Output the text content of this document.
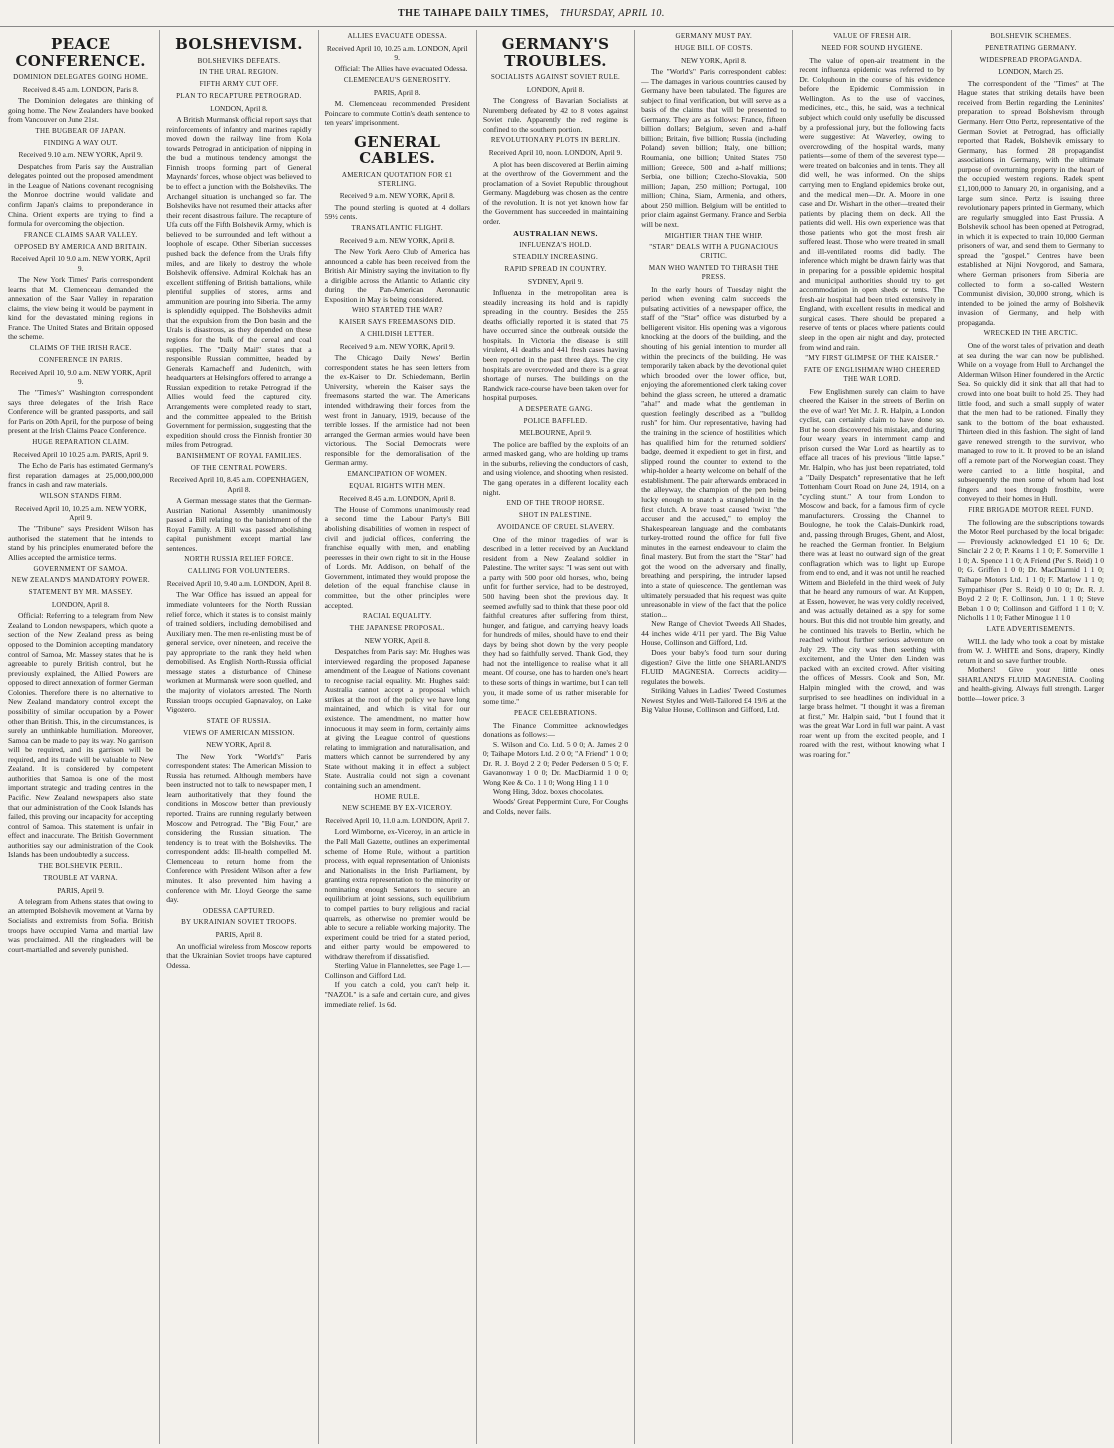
THE TAIHAPE DAILY TIMES, THURSDAY, APRIL 10.
PEACE CONFERENCE.
DOMINION DELEGATES GOING HOME.
Received 8.45 a.m. LONDON, Paris 8.

The Dominion delegates are thinking of going home. The New Zealanders have booked from Vancouver on June 21st.

THE BUGBEAR OF JAPAN.
FINDING A WAY OUT.
Received 9.10 a.m. NEW YORK, April 9.

Despatches from Paris say the Australian delegates pointed out the proposed amendment in the League of Nations covenant recognising the Monroe doctrine would validate and confirm Japan's claims to preponderance in China. Orient experts are trying to find a formula for overcoming the objection.

FRANCE CLAIMS SAAR VALLEY.
OPPOSED BY AMERICA AND BRITAIN.
Received April 10 9.0 a.m. NEW YORK, April 9.

The New York Times' Paris correspondent learns that M. Clemenceau demanded the annexation of the Saar Valley in reparation claims, the view being it would be payment in kind for the devastated mining regions in France. The United States and Britain opposed the scheme.

CLAIMS OF THE IRISH RACE.
CONFERENCE IN PARIS.
Received April 10, 9.0 a.m. NEW YORK, April 9.

The "Times's" Washington correspondent says three delegates of the Irish Race Conference will be granted passports, and sail for Paris on 20th April, for the purpose of being present at the Irish Claims Peace Conference.

HUGE REPARATION CLAIM.
Received April 10 10.25 a.m. PARIS, April 9.

The Echo de Paris has estimated Germany's first reparation damages at 25,000,000,000 francs in cash and raw materials.

WILSON STANDS FIRM.
Received April 10, 10.25 a.m. NEW YORK, April 9.

The "Tribune" says President Wilson has authorised the statement that he intends to stand by his principles enumerated before the Allies accepted the armistice terms.

GOVERNMENT OF SAMOA.
NEW ZEALAND'S MANDATORY POWER.
STATEMENT BY MR. MASSEY.
LONDON, April 8.

Official: Referring to a telegram from New Zealand to London newspapers, which quote a section of the New Zealand press as being opposed to the Dominion accepting mandatory control of Samoa, Mr. Massey states that he is agreeable to purely British control, but he previously explained, the Allied Powers are opposed to direct annexation of former German Colonies. Therefore there is no alternative to New Zealand mandatory control except the possibility of similar occupation by a Power other than British. This, in the circumstances, is surely an unthinkable humiliation. Moreover, Samoa can be made to pay its way. No garrison will be required, and its garrison will be required, and its trade will be valuable to New Zealand. It is considered by competent authorities that Samoa is one of the most important strategic and trading centres in the Pacific. New Zealand newspapers also state that our administration of the Cook Islands has failed, this proving our incapacity for accepting control of Samoa. This statement is unfair in effect and inaccurate. The British Government authorities say our administration of the Cook Islands has been undoubtedly a success.

THE BOLSHEVIK PERIL.
TROUBLE AT VARNA.
PARIS, April 9.

A telegram from Athens states that owing to an attempted Bolshevik movement at Varna by Socialists and extremists from Sofia. British troops have occupied Varna and martial law was proclaimed. All the ringleaders will be court-martialled and severely punished.

BOLSHEVISM.
BOLSHEVIKS DEFEATS.
IN THE URAL REGION.
FIFTH ARMY CUT OFF.
PLAN TO RECAPTURE PETROGRAD.
LONDON, April 8.

A British Murmansk official report says that reinforcements of infantry and marines rapidly moved down the railway line from Kola towards Petrograd in anticipation of nipping in the bud a mutinous tendency amongst the Finnish troops forming part of General Maynards' forces, whose object was believed to be to effect a junction with the Bolsheviks. The Archangel situation is unchanged so far. The Bolsheviks have not resumed their attacks after their recent disastrous failure. The recapture of Ufa cuts off the Fifth Bolshevik Army, which is believed to be surrounded and left without a loophole of escape. Other Siberian successes pushed back the defence from the Urals fifty miles, and are likely to destroy the whole Bolshevik offensive. Admiral Kolchak has an excellent stiffening of British battalions, while plentiful supplies of stores, arms and ammunition are pouring into Siberia. The army is splendidly equipped. The Bolsheviks admit that the expulsion from the Don basin and the Urals is disastrous, as they depended on these regions for the bulk of the cereal and coal supplies. The "Daily Mail" states that a responsible Russian committee, headed by Generals Karnacheff and Judenitch, with headquarters at Helsingfors offered to arrange a Russian expedition to retake Petrograd if the Allies would feed the captured city. Arrangements were completed ready to start, and the committee appealed to the British Government for permission, suggesting that the expedition should cross the Finnish frontier 30 miles from Petrograd.

BANISHMENT OF ROYAL FAMILIES.
OF THE CENTRAL POWERS.
Received April 10, 8.45 a.m. COPENHAGEN, April 8.

A German message states that the German-Austrian National Assembly unanimously passed a Bill relating to the banishment of the Royal Family. A Bill was passed abolishing capital punishment except martial law sentences.

NORTH RUSSIA RELIEF FORCE.
CALLING FOR VOLUNTEERS.
Received April 10, 9.40 a.m. LONDON, April 8.

The War Office has issued an appeal for immediate volunteers for the North Russian relief force, which it states is to consist mainly of trained soldiers, including demobilised and Auxiliary men. The men re-enlisting must be of general service, over nineteen, and receive the pay appropriate to the rank they held when demobilised. As English North-Russia official message states a disturbance of Chinese workmen at Murmansk were soon quelled, and the majority of violators arrested. The North Russian troops occupied Gapnavaloy, on Lake Vigozero.

STATE OF RUSSIA.
VIEWS OF AMERICAN MISSION.
NEW YORK, April 8.

The New York "World's" Paris correspondent states: The American Mission to Russia has returned. Although members have been instructed not to talk to newspaper men, I learn authoritatively that they found the conditions in Moscow better than previously reported. Trains are running regularly between Moscow and Petrograd. The "Big Four," are considering the Russian situation. The tendency is to treat with the Bolsheviks. The correspondent adds: Ill-health compelled M. Clemenceau to return home from the Conference with President Wilson after a few minutes. It also prevented him having a conference with Mr. Lloyd George the same day.

ODESSA CAPTURED.
BY UKRAINIAN SOVIET TROOPS.
PARIS, April 8.

An unofficial wireless from Moscow reports that the Ukrainian Soviet troops have captured Odessa.

ALLIES EVACUATE ODESSA.
Received April 10, 10.25 a.m. LONDON, April 9.

Official: The Allies have evacuated Odessa.

CLEMENCEAU'S GENEROSITY.
PARIS, April 8.

M. Clemenceau recommended President Poincare to commute Cottin's death sentence to ten years' imprisonment.

GENERAL CABLES.
AMERICAN QUOTATION FOR £1 STERLING.
Received 9 a.m. NEW YORK, April 8.

The pound sterling is quoted at 4 dollars 59½ cents.

TRANSATLANTIC FLIGHT.
Received 9 a.m. NEW YORK, April 8.

The New York Aero Club of America has announced a cable has been received from the British Air Ministry saying the invitation to fly a dirigible across the Atlantic to Atlantic city during the Pan-American Aeronautic Exposition in May is being considered.

WHO STARTED THE WAR?
KAISER SAYS FREEMASONS DID.
A CHILDISH LETTER.
Received 9 a.m. NEW YORK, April 9.

The Chicago Daily News' Berlin correspondent states he has seen letters from the ex-Kaiser to Dr. Schiedemann, Berlin University, wherein the Kaiser says the freemasons started the war. The Americans intended withdrawing their forces from the west front in January, 1919, because of the terrible losses. If the armistice had not been arranged the German armies would have been victorious. The Social Democrats were responsible for the demoralisation of the German army.

EMANCIPATION OF WOMEN.
EQUAL RIGHTS WITH MEN.
Received 8.45 a.m. LONDON, April 8.

The House of Commons unanimously read a second time the Labour Party's Bill abolishing disabilities of women in respect of civil and judicial offices, conferring the franchise equally with men, and enabling peeresses in their own right to sit in the House of Lords. Mr. Addison, on behalf of the Government, intimated they would propose the deletion of the equal franchise clause in committee, but the other principles were accepted.

RACIAL EQUALITY.
THE JAPANESE PROPOSAL.
NEW YORK, April 8.

Despatches from Paris say: Mr. Hughes was interviewed regarding the proposed Japanese amendment of the League of Nations covenant to recognise racial equality. Mr. Hughes said: Australia cannot accept a proposal which strikes at the root of the policy we have long maintained, and which is vital for our existence. The amendment, no matter how innocuous it may seem in form, certainly aims at giving the League control of questions relating to immigration and naturalisation, and matters which cannot be surrendered by any State without making it in effect a subject State. Australia could not sign a covenant containing such an amendment.

HOME RULE.
NEW SCHEME BY EX-VICEROY.
Received April 10, 11.0 a.m. LONDON, April 7.

Lord Wimborne, ex-Viceroy, in an article in the Pall Mall Gazette, outlines an experimental scheme of Home Rule, without a partition process, with equal representation of Unionists and Nationalists in the Irish Parliament, by granting extra representation to the minority or nominating enough Senators to secure an equilibrium at joint sessions, such equilibrium to compel parties to bury religious and racial quarrels, as otherwise no premier would be able to secure a reliable working majority. The experiment could be tried for a stated period, and either party would be empowered to withdraw therefrom if dissatisfied.

Sterling Value in Flannelettes, see Page 1.—Collinson and Gifford Ltd.

If you catch a cold, you can't help it. "NAZOL" is a safe and certain cure, and gives immediate relief. 1s 6d.

GERMANY'S TROUBLES.
SOCIALISTS AGAINST SOVIET RULE.
LONDON, April 8.

The Congress of Bavarian Socialists at Nuremberg defeated by 42 to 8 votes against Soviet rule. Apparently the red regime is confined to the southern portion.

REVOLUTIONARY PLOTS IN BERLIN.
Received April 10, noon. LONDON, April 9.

A plot has been discovered at Berlin aiming at the overthrow of the Government and the proclamation of a Soviet Republic throughout Germany. Magdeburg was chosen as the centre of the revolution. It is not yet known how far the Government has succeeded in maintaining order.

AUSTRALIAN NEWS.
INFLUENZA'S HOLD.
STEADILY INCREASING.
RAPID SPREAD IN COUNTRY.
SYDNEY, April 9.

Influenza in the metropolitan area is steadily increasing its hold and is rapidly spreading in the country. Besides the 255 deaths officially reported it is stated that 75 have occurred since the outbreak outside the hospitals. In Victoria the disease is still virulent, 41 deaths and 441 fresh cases having been reported in the past three days. The city hospitals are overcrowded and there is a great shortage of nurses. The buildings on the Randwick race-course have been taken over for hospital purposes.

A DESPERATE GANG.
POLICE BAFFLED.
MELBOURNE, April 9.

The police are baffled by the exploits of an armed masked gang, who are holding up trams in the suburbs, relieving the conductors of cash, and using violence, and shooting when resisted. The gang operates in a different locality each night.

END OF THE TROOP HORSE.
SHOT IN PALESTINE.
AVOIDANCE OF CRUEL SLAVERY.

One of the minor tragedies of war is described in a letter received by an Auckland resident from a New Zealand soldier in Palestine. The writer says: "I was sent out with a party with 500 poor old horses, who, being unfit for further service, had to be destroyed, 500 having been shot the previous day. It seemed awfully sad to think that these poor old faithful creatures after suffering from thirst, hunger, and fatigue, and carrying heavy loads for hundreds of miles, should have to end their days by being shot down by the very people they had so faithfully served. Thank God, they had not the intelligence to realise what it all meant. Of course, one has to harden one's heart to these sorts of things in wartime, but I can tell you, it made some of us rather miserable for some time."

PEACE CELEBRATIONS.

The Finance Committee acknowledges donations as follows:—

S. Wilson and Co. Ltd. 5 0 0; A. James 2 0 0; Taihape Motors Ltd. 2 0 0; "A Friend" 1 0 0; Dr. R. J. Boyd 2 2 0; Peder Pedersen 0 5 0; F. Gavanonway 1 0 0; Dr. MacDiarmid 1 0 0; Wong Kee & Co. 1 1 0; Wong Hing 1 1 0

Wong Hing, 3doz. boxes chocolates.

Woods' Great Peppermint Cure, For Coughs and Colds, never fails.

GERMANY MUST PAY.
HUGE BILL OF COSTS.
NEW YORK, April 8.

The "World's" Paris correspondent cables:— The damages in various countries caused by Germany have been tabulated. The figures are subject to final verification, but will serve as a basis of the claims that will be presented to Germany. They are as follows: France, fifteen billion dollars; Belgium, seven and a-half billion; Britain, five billion; Russia (including Poland) seven billion; Italy, one billion; Roumania, one billion; United States 750 million; Greece, 500 and a-half millions; Serbia, one billion; Czecho-Slovakia, 500 million; Japan, 250 million; Portugal, 100 million; China, Siam, Armenia, and others, about 250 million. Belgium will be entitled to prior claim against Germany. France and Serbia will be next.

MIGHTIER THAN THE WHIP.
"STAR" DEALS WITH A PUGNACIOUS CRITIC.
MAN WHO WANTED TO THRASH THE PRESS.

In the early hours of Tuesday night the period when evening calm succeeds the pulsating activities of a newspaper office, the staff of the "Star" office was disturbed by a belligerent visitor. His opening was a vigorous knocking at the doors of the building, and the shouting of his genial intention to murder all within the precincts of the building. He was temporarily taken aback by the devotional quiet which brooded over the lower office, but, enjoying the aforementioned clerk taking cover behind the glass screen, he uttered a dramatic "aha!" and made what the gentleman in question feelingly described as a "bulldog rush" for him. Our representative, having had the training in the science of hostilities which has qualified him for the returned soldiers' badge, deemed it expedient to get in first, and slipped round the counter to extend to the whip-holder a hearty welcome on behalf of the establishment. The pair afterwards embraced in the alleyway, the champion of the pen being lucky enough to snatch a stranglehold in the first clutch. A brave toast caused 'twixt "the accuser and the accused," to employ the Shakespearean language and the combatants turkey-trotted round the office for full five minutes in the earnest endeavour to claim the final mastery. But from the start the "Star" had got the wood on the adversary and finally, breathing and perspiring, the intruder lapsed into a state of quiescence. The gentleman was ultimately persuaded that his request was quite unreasonable in view of the fact that the police station...

New Range of Cheviot Tweeds All Shades, 44 inches wide 4/11 per yard. The Big Value House, Collinson and Gifford, Ltd.

Does your baby's food turn sour during digestion? Give the little one SHARLAND'S FLUID MAGNESIA. Corrects acidity—regulates the bowels.

Striking Values in Ladies' Tweed Costumes Newest Styles and Well-Tailored £4 19/6 at the Big Value House, Collinson and Gifford, Ltd.

VALUE OF FRESH AIR.
NEED FOR SOUND HYGIENE.

The value of open-air treatment in the recent influenza epidemic was referred to by Dr. Colquhoun in the course of his evidence before the Epidemic Commission in Wellington. As to the use of vaccines, medicines, etc., this, he said, was a technical subject which could only usefully be discussed by a professional jury, but the following facts were suggestive: At Waverley, owing to overcrowding of the hospital wards, many patients—some of them of the severest type—were treated on balconies and in tents. They all did well, he was informed. On the ships carrying men to England epidemics broke out, and the medical men—Dr. A. Moore in one case and Dr. Wishart in the other—treated their patients by placing them on deck. All the patients did well. His own experience was that those patients who got the most fresh air suffered least. Those who were treated in small and ill-ventilated rooms did badly. The inference which might be drawn fairly was that in preparing for a possible epidemic hospital and municipal authorities should try to get accommodation in open sheds or tents. The fresh-air hospital had been tried extensively in England, with excellent results in medical and surgical cases. There should be prepared a reserve of tents or places where patients could sleep in the open air night and day, protected from wind and rain.

"MY FIRST GLIMPSE OF THE KAISER."
FATE OF ENGLISHMAN WHO CHEERED THE WAR LORD.

Few Englishmen surely can claim to have cheered the Kaiser in the streets of Berlin on the eve of war! Yet Mr. J. R. Halpin, a London cyclist, can certainly claim to have done so. But he soon discovered his mistake, and during four weary years in internment camp and prison cursed the War Lord as heartily as to efface all traces of his previous "little lapse." Mr. Halpin, who has just been repatriated, told a "Daily Despatch" representative that he left Tottenham Court Road on June 24, 1914, on a "cycling stunt." A tour from London to Moscow and back, for a famous firm of cycle manufacturers. Crossing the Channel to Boulogne, he took the Calais-Dunkirk road, and, passing through Bruges, Ghent, and Alost, he reached the German frontier. In Belgium there was at least no outward sign of the great conflagration which was to light up Europe from end to end, and it was not until he reached Wittem and Bielefeld in the third week of July that he heard any rumours of war. At Kuppen, at Essen, however, he was very coldly received, and was actually detained as a spy for some hours. But this did not trouble him greatly, and he continued his travels to Berlin, which he reached without further serious adventure on July 29. The city was then seething with excitement, and the Unter den Linden was packed with an excited crowd. After visiting the offices of Messrs. Cook and Son, Mr. Halpin mingled with the crowd, and was surprised to see headlines on individual in a large brass helmet. "I thought it was a fireman at first," Mr. Halpin said, "but I found that it was the great War Lord in full war paint. A vast roar went up from the excited people, and I roared with the rest, without knowing what I was roaring for."

BOLSHEVIK SCHEMES.
PENETRATING GERMANY.
WIDESPREAD PROPAGANDA.
LONDON, March 25.

The correspondent of the "Times" at The Hague states that striking details have been received from Berlin regarding the Leninites' preparation to spread Bolshevism through Germany. Herr Otto Pertz, representative of the German Soviet at Petrograd, has officially reported that Radek, Bolshevik emissary to Germany, has formed 28 propagandist associations in Germany, with the ultimate purpose of overturning property in the heart of the occupied western regions. Radek spent £1,100,000 to January 20, in organising, and a large sum since. Pertz is issuing three revolutionary papers printed in Germany, which are regularly smuggled into East Prussia. A Bolshevik school has been opened at Petrograd, in which it is expected to train 10,000 German prisoners of war, and send them to Germany to spread the "gospel." Centres have been established at Nijni Novgorod, and Samara, where German prisoners from Siberia are collected to form a so-called Western Communist division, 30,000 strong, which is intended to be joined the army of Bolshevik invasion of Germany, and help with propaganda.

WRECKED IN THE ARCTIC.

One of the worst tales of privation and death at sea during the war can now be published. While on a voyage from Hull to Archangel the Alderman Wilson Hiner foundered in the Arctic Sea. So quickly did it sink that all that had to crowd into one boat built to hold 25. They had little food, and such a small supply of water that the men had to be rationed. Finally they sank to the bottom of the boat exhausted. Thirteen died in this fashion. The sight of land gave renewed strength to the survivor, who managed to row to it. It proved to be an island off a remote part of the Norwegian coast. They were carried to a little hospital, and subsequently the men some of whom had lost fingers and toes through frostbite, were conveyed to their homes in Hull.

FIRE BRIGADE MOTOR REEL FUND.

The following are the subscriptions towards the Motor Reel purchased by the local brigade:— Previously acknowledged £1 10 6; Dr. Sinclair 2 2 0; P. Kearns 1 1 0; F. Somerville 1 1 0; A. Spence 1 1 0; A Friend (Per S. Reid) 1 0 0; G. Griffen 1 0 0; Dr. MacDiarmid 1 1 0; Taihape Motors Ltd. 1 1 0; F. Marlow 1 1 0; Sympathiser (Per S. Reid) 0 10 0; Dr. R. J. Boyd 2 2 0; F. Collinson, Jun. 1 1 0; Steve Beban 1 0 0; Collinson and Gifford 1 1 0; V. Nicholls 1 1 0; Father Minogue 1 1 0

LATE ADVERTISEMENTS.

WILL the lady who took a coat by mistake from W. J. WHITE and Sons, drapery, Kindly return it and so save further trouble.

Mothers! Give your little ones SHARLAND'S FLUID MAGNESIA. Cooling and health-giving. Always full strength. Larger bottle—lower price. 3
